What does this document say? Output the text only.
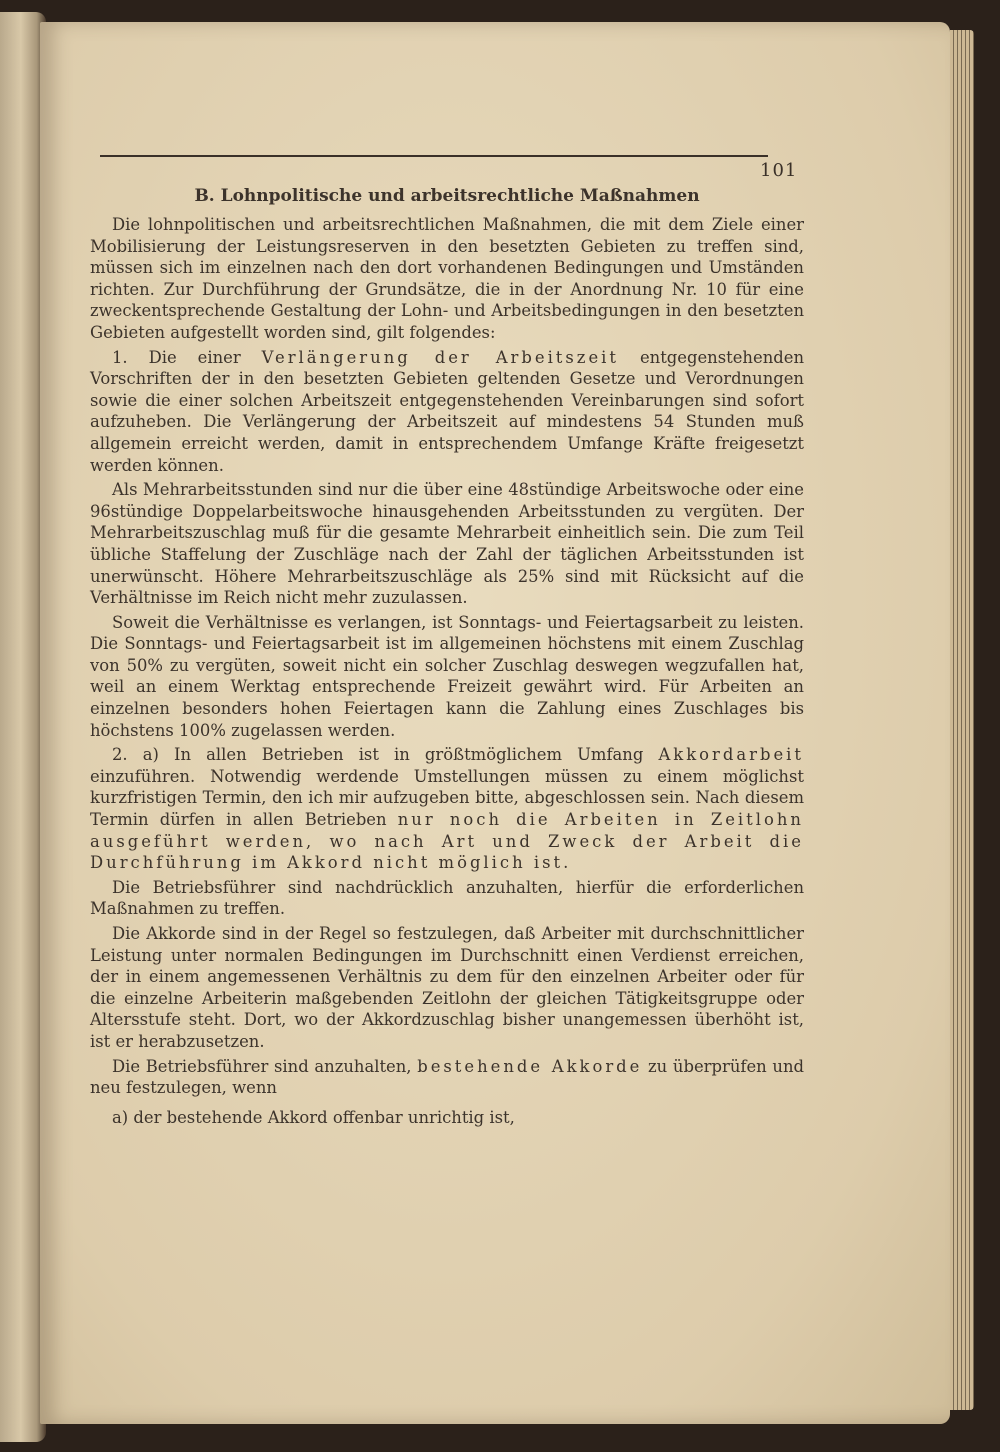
101
B. Lohnpolitische und arbeitsrechtliche Maßnahmen

Die lohnpolitischen und arbeitsrechtlichen Maßnahmen, die mit dem Ziele einer Mobilisierung der Leistungsreserven in den besetzten Gebieten zu treffen sind, müssen sich im einzelnen nach den dort vorhandenen Bedingungen und Umständen richten. Zur Durchführung der Grundsätze, die in der Anordnung Nr. 10 für eine zweckentsprechende Gestaltung der Lohn- und Arbeitsbedingungen in den besetzten Gebieten aufgestellt worden sind, gilt folgendes:

1. Die einer Verlängerung der Arbeitszeit entgegenstehenden Vorschriften der in den besetzten Gebieten geltenden Gesetze und Verordnungen sowie die einer solchen Arbeitszeit entgegenstehenden Vereinbarungen sind sofort aufzuheben. Die Verlängerung der Arbeitszeit auf mindestens 54 Stunden muß allgemein erreicht werden, damit in entsprechendem Umfange Kräfte freigesetzt werden können.

Als Mehrarbeitsstunden sind nur die über eine 48stündige Arbeitswoche oder eine 96stündige Doppelarbeitswoche hinausgehenden Arbeitsstunden zu vergüten. Der Mehrarbeitszuschlag muß für die gesamte Mehrarbeit einheitlich sein. Die zum Teil übliche Staffelung der Zuschläge nach der Zahl der täglichen Arbeitsstunden ist unerwünscht. Höhere Mehrarbeitszuschläge als 25% sind mit Rücksicht auf die Verhältnisse im Reich nicht mehr zuzulassen.

Soweit die Verhältnisse es verlangen, ist Sonntags- und Feiertagsarbeit zu leisten. Die Sonntags- und Feiertagsarbeit ist im allgemeinen höchstens mit einem Zuschlag von 50% zu vergüten, soweit nicht ein solcher Zuschlag deswegen wegzufallen hat, weil an einem Werktag entsprechende Freizeit gewährt wird. Für Arbeiten an einzelnen besonders hohen Feiertagen kann die Zahlung eines Zuschlages bis höchstens 100% zugelassen werden.

2. a) In allen Betrieben ist in größtmöglichem Umfang Akkordarbeit einzuführen. Notwendig werdende Umstellungen müssen zu einem möglichst kurzfristigen Termin, den ich mir aufzugeben bitte, abgeschlossen sein. Nach diesem Termin dürfen in allen Betrieben nur noch die Arbeiten in Zeitlohn ausgeführt werden, wo nach Art und Zweck der Arbeit die Durchführung im Akkord nicht möglich ist.

Die Betriebsführer sind nachdrücklich anzuhalten, hierfür die erforderlichen Maßnahmen zu treffen.

Die Akkorde sind in der Regel so festzulegen, daß Arbeiter mit durchschnittlicher Leistung unter normalen Bedingungen im Durchschnitt einen Verdienst erreichen, der in einem angemessenen Verhältnis zu dem für den einzelnen Arbeiter oder für die einzelne Arbeiterin maßgebenden Zeitlohn der gleichen Tätigkeitsgruppe oder Altersstufe steht. Dort, wo der Akkordzuschlag bisher unangemessen überhöht ist, ist er herabzusetzen.

Die Betriebsführer sind anzuhalten, bestehende Akkorde zu überprüfen und neu festzulegen, wenn

a) der bestehende Akkord offenbar unrichtig ist,
